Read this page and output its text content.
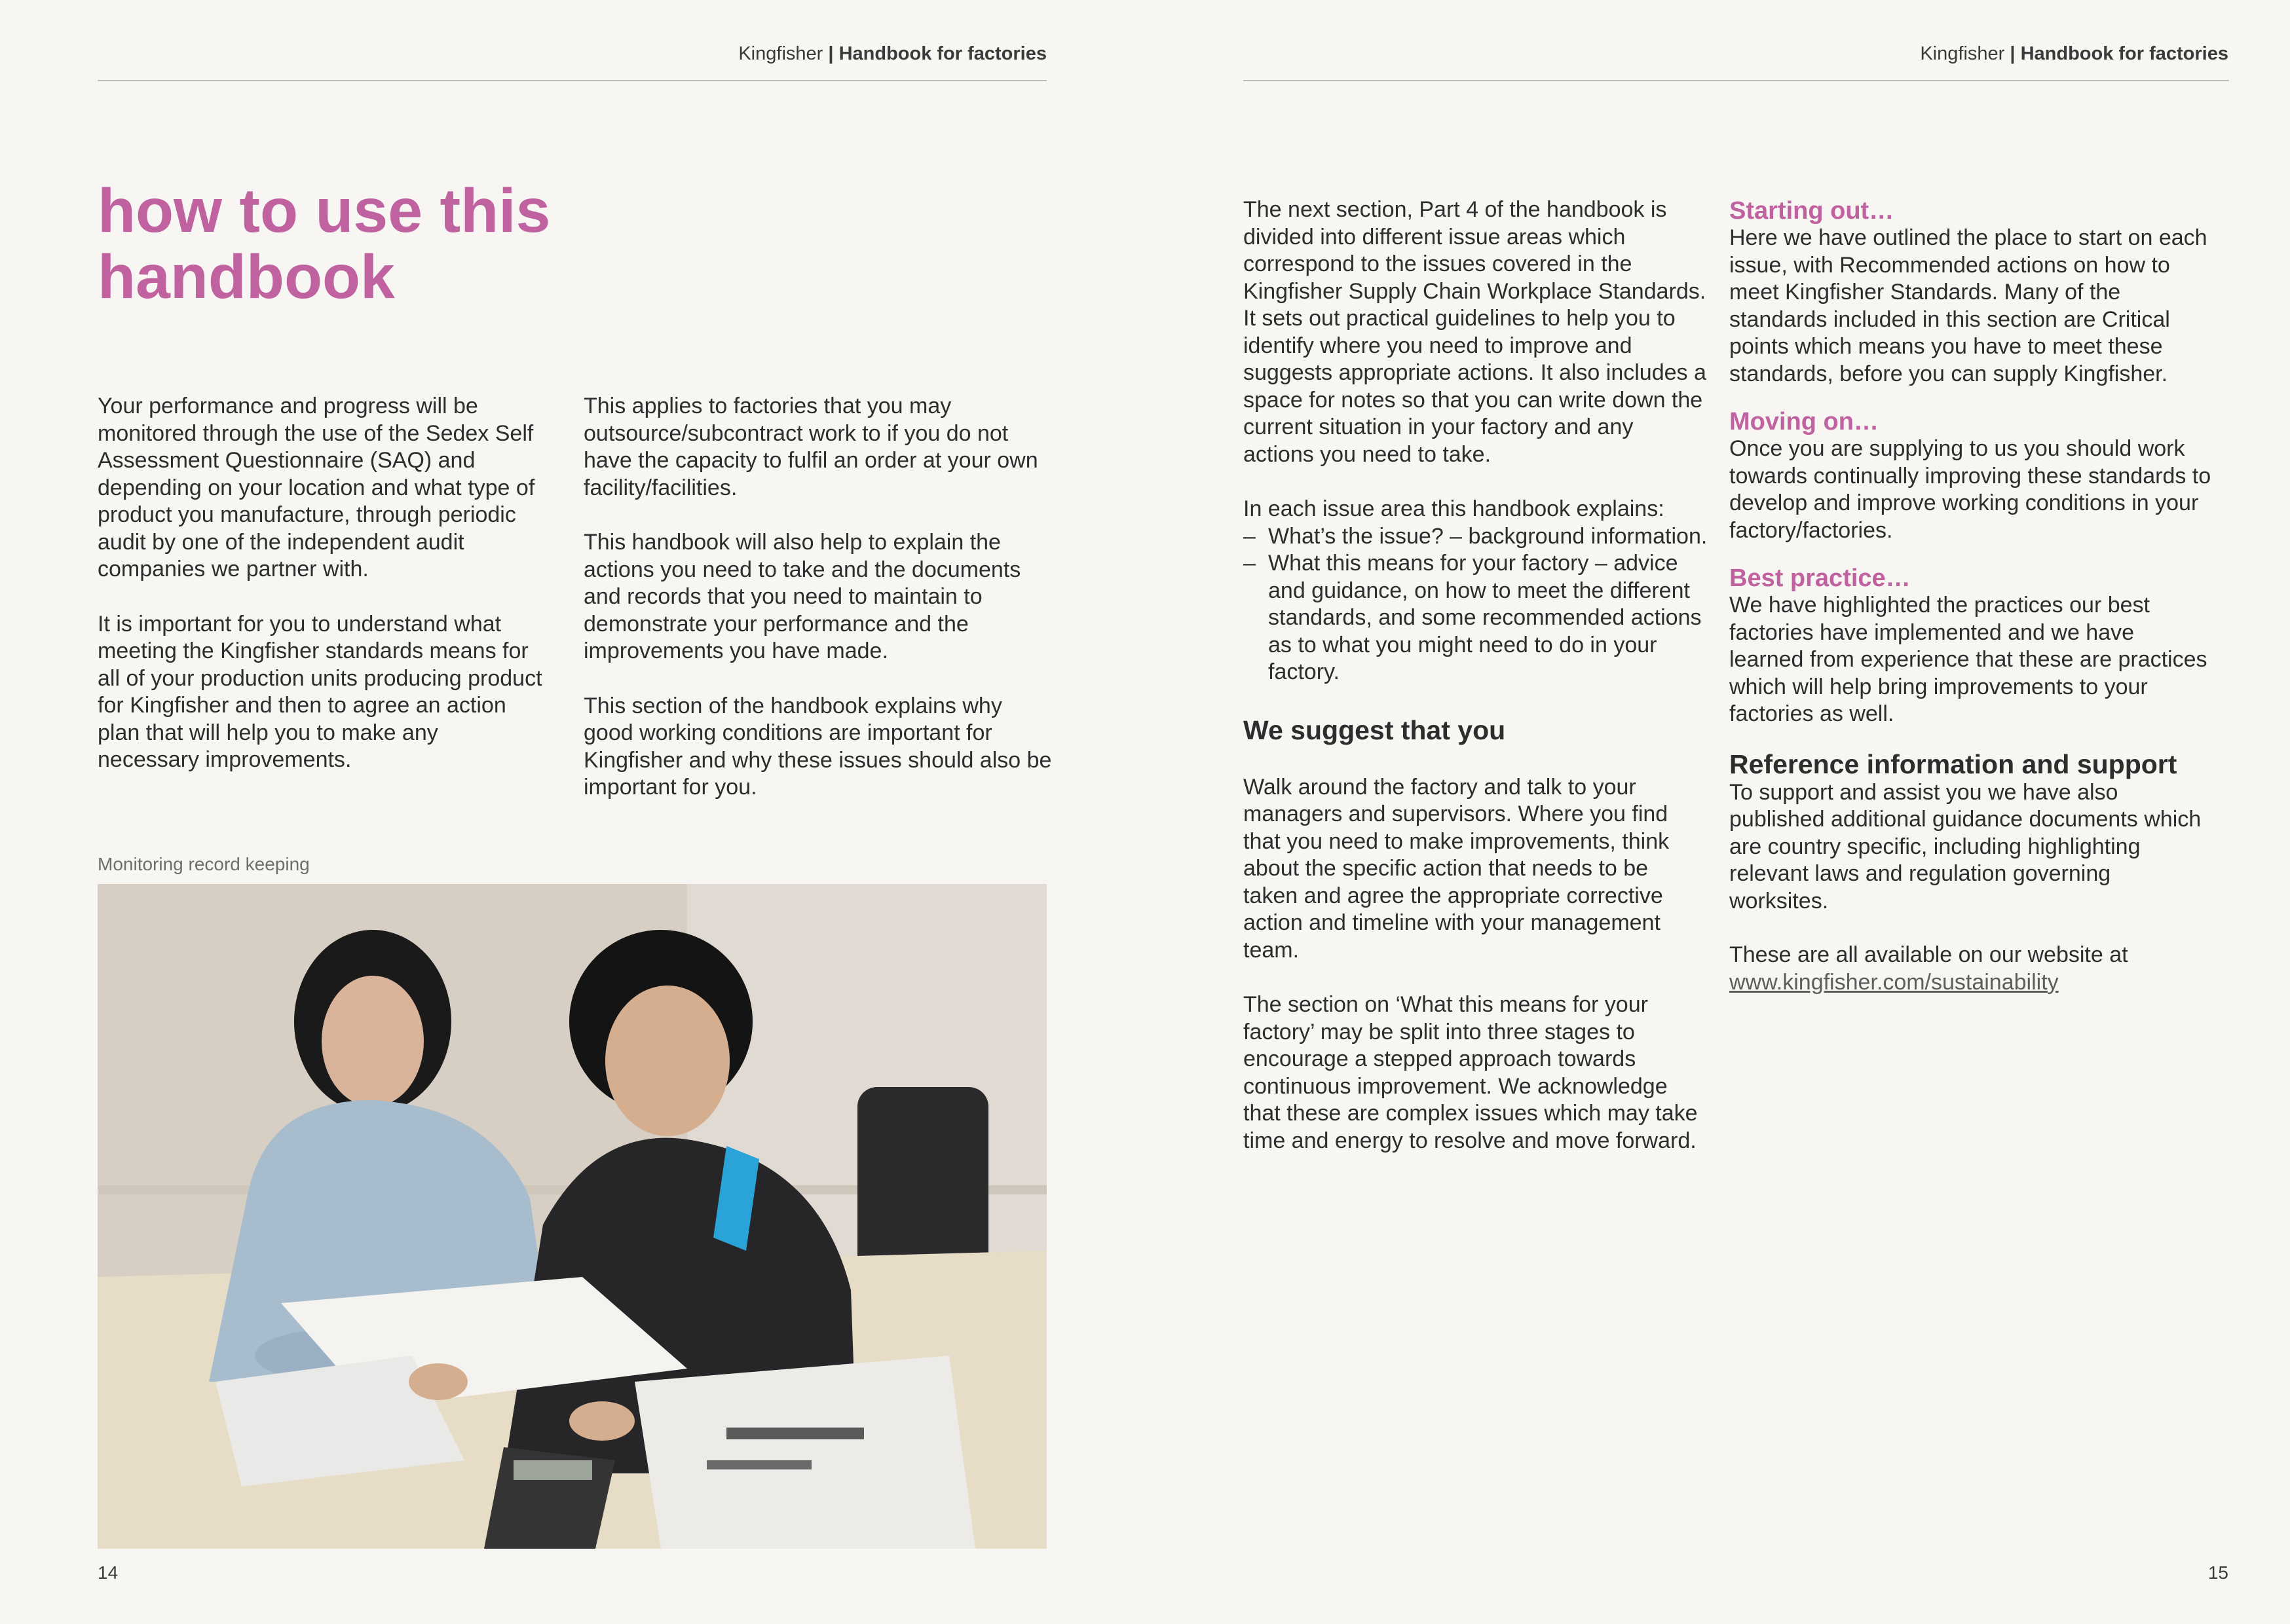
Kingfisher | Handbook for factories
how to use this
handbook

Your performance and progress will be monitored through the use of the Sedex Self Assessment Questionnaire (SAQ) and depending on your location and what type of product you manufacture, through periodic audit by one of the independent audit companies we partner with.

It is important for you to understand what meeting the Kingfisher standards means for all of your production units producing product for Kingfisher and then to agree an action plan that will help you to make any necessary improvements.

This applies to factories that you may outsource/subcontract work to if you do not have the capacity to fulfil an order at your own facility/facilities.

This handbook will also help to explain the actions you need to take and the documents and records that you need to maintain to demonstrate your performance and the improvements you have made.

This section of the handbook explains why good working conditions are important for Kingfisher and why these issues should also be important for you.

Monitoring record keeping
14
Kingfisher | Handbook for factories

The next section, Part 4 of the handbook is divided into different issue areas which correspond to the issues covered in the Kingfisher Supply Chain Workplace Standards. It sets out practical guidelines to help you to identify where you need to improve and suggests appropriate actions. It also includes a space for notes so that you can write down the current situation in your factory and any actions you need to take.

In each issue area this handbook explains:

– What’s the issue? – background information.
– What this means for your factory – advice and guidance, on how to meet the different standards, and some recommended actions as to what you might need to do in your factory.
We suggest that you

Walk around the factory and talk to your managers and supervisors. Where you find that you need to make improvements, think about the specific action that needs to be taken and agree the appropriate corrective action and timeline with your management team.

The section on ‘What this means for your factory’ may be split into three stages to encourage a stepped approach towards continuous improvement. We acknowledge that these are complex issues which may take time and energy to resolve and move forward.

Starting out…

Here we have outlined the place to start on each issue, with Recommended actions on how to meet Kingfisher Standards. Many of the standards included in this section are Critical points which means you have to meet these standards, before you can supply Kingfisher.

Moving on…

Once you are supplying to us you should work towards continually improving these standards to develop and improve working conditions in your factory/factories.

Best practice…

We have highlighted the practices our best factories have implemented and we have learned from experience that these are practices which will help bring improvements to your factories as well.

Reference information and support

To support and assist you we have also published additional guidance documents which are country specific, including highlighting relevant laws and regulation governing worksites.

These are all available on our website at

www.kingfisher.com/sustainability

15
